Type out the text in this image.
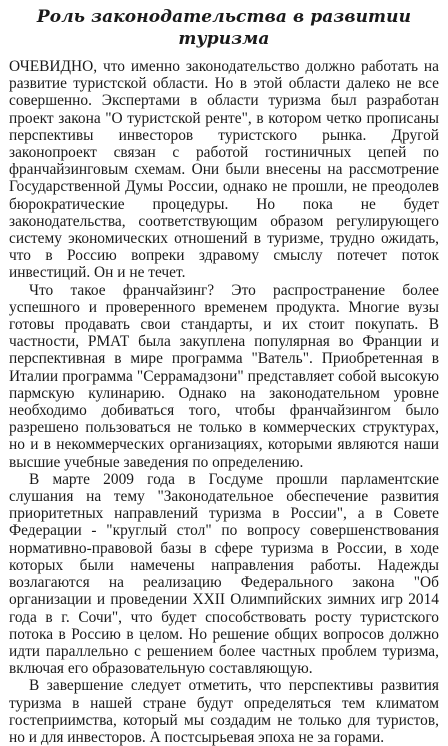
Роль законодательства в развитии туризма

ОЧЕВИДНО, что именно законодательство должно работать на развитие туристской области. Но в этой области далеко не все совершенно. Экспертами в области туризма был разработан проект закона "О туристской ренте", в котором четко прописаны перспективы инвесторов туристского рынка. Другой законопроект связан с работой гостиничных цепей по франчайзинговым схемам. Они были внесены на рассмотрение Государственной Думы России, однако не прошли, не преодолев бюрократические процедуры. Но пока не будет законодательства, соответствующим образом регулирующего систему экономических отношений в туризме, трудно ожидать, что в Россию вопреки здравому смыслу потечет поток инвестиций. Он и не течет.

Что такое франчайзинг? Это распространение более успешного и проверенного временем продукта. Многие вузы готовы продавать свои стандарты, и их стоит покупать. В частности, РМАТ была закуплена популярная во Франции и перспективная в мире программа "Ватель". Приобретенная в Италии программа "Серрамадзони" представляет собой высокую пармскую кулинарию. Однако на законодательном уровне необходимо добиваться того, чтобы франчайзингом было разрешено пользоваться не только в коммерческих структурах, но и в некоммерческих организациях, которыми являются наши высшие учебные заведения по определению.

В марте 2009 года в Госдуме прошли парламентские слушания на тему "Законодательное обеспечение развития приоритетных направлений туризма в России", а в Совете Федерации - "круглый стол" по вопросу совершенствования нормативно-правовой базы в сфере туризма в России, в ходе которых были намечены направления работы. Надежды возлагаются на реализацию Федерального закона "Об организации и проведении XXII Олимпийских зимних игр 2014 года в г. Сочи", что будет способствовать росту туристского потока в Россию в целом. Но решение общих вопросов должно идти параллельно с решением более частных проблем туризма, включая его образовательную составляющую.

В завершение следует отметить, что перспективы развития туризма в нашей стране будут определяться тем климатом гостеприимства, который мы создадим не только для туристов, но и для инвесторов. А постсырьевая эпоха не за горами.
